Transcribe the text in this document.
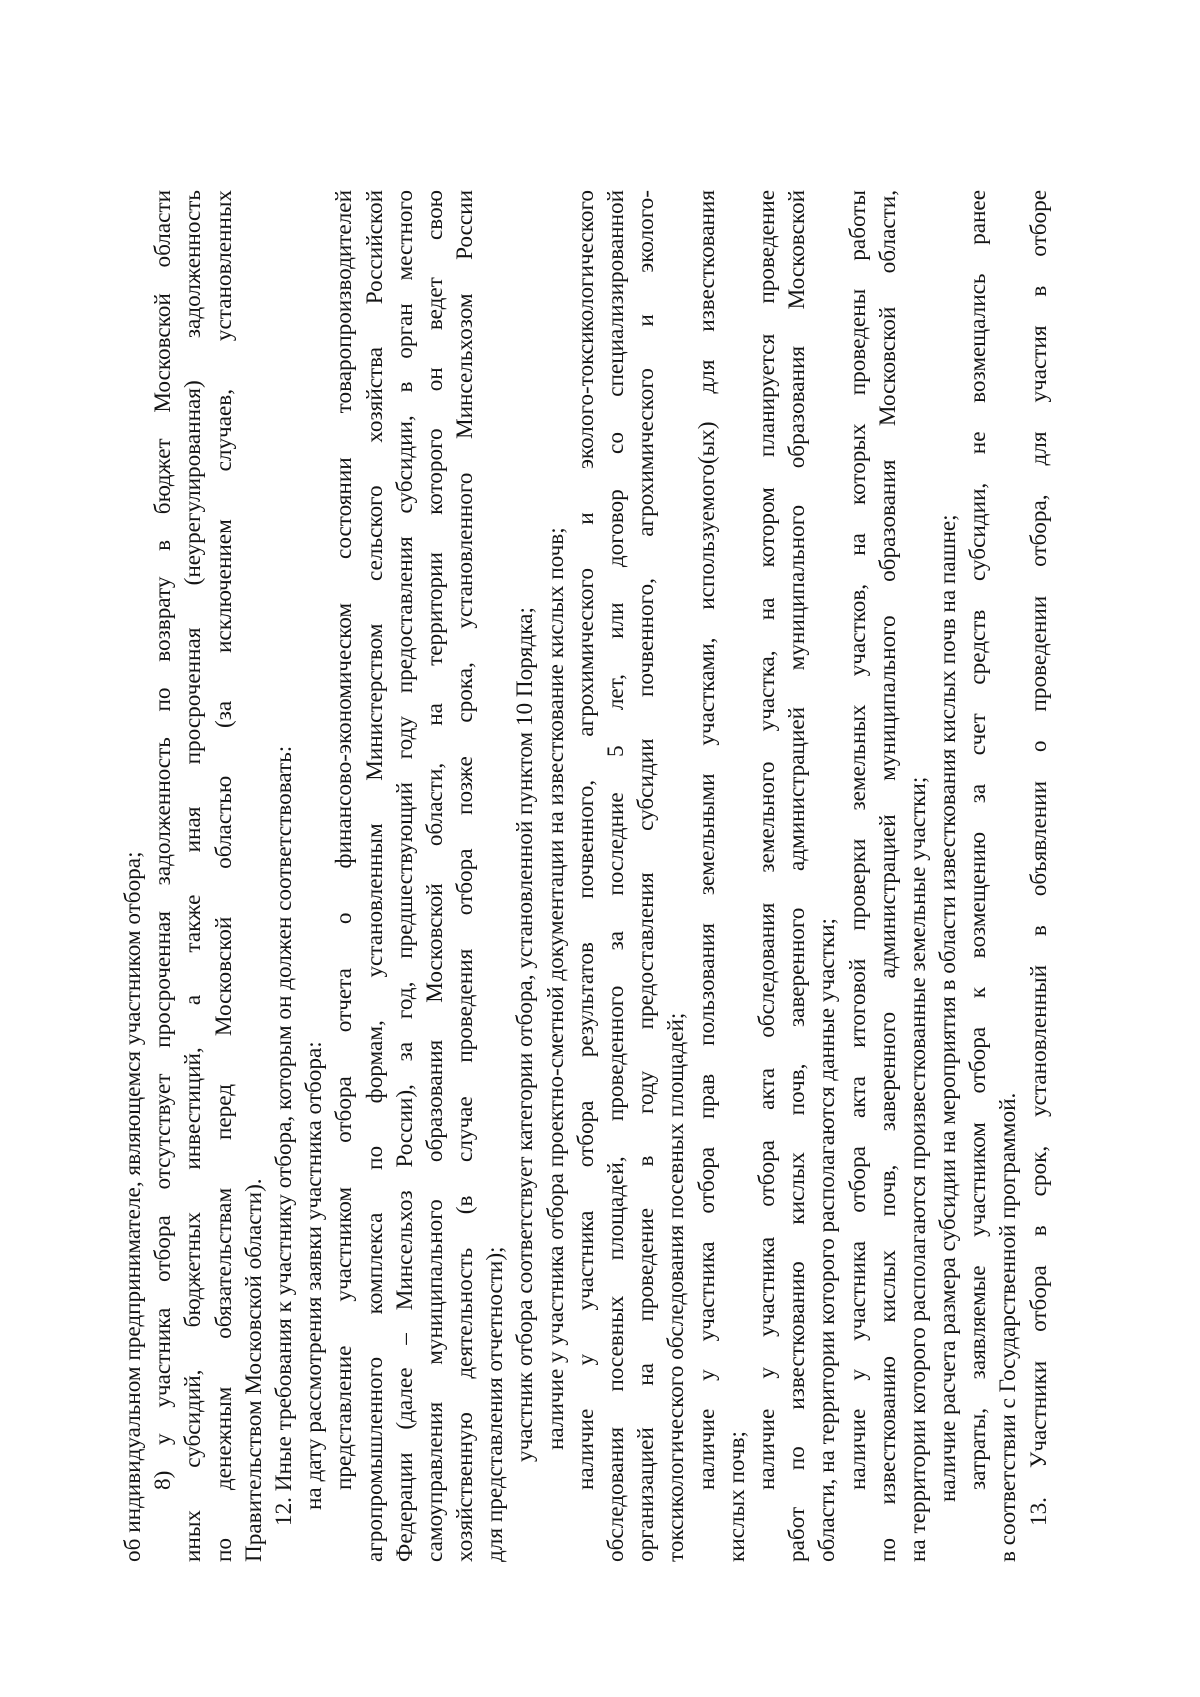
об индивидуальном предпринимателе, являющемся участником отбора; 8) у участника отбора отсутствует просроченная задолженность по возврату в бюджет Московской области иных субсидий, бюджетных инвестиций, а также иная просроченная (неурегулированная) задолженность по денежным обязательствам перед Московской областью (за исключением случаев, установленных Правительством Московской области). 12. Иные требования к участнику отбора, которым он должен соответствовать: на дату рассмотрения заявки участника отбора: представление участником отбора отчета о финансово-экономическом состоянии товаропроизводителей агропромышленного комплекса по формам, установленным Министерством сельского хозяйства Российской Федерации (далее – Минсельхоз России), за год, предшествующий году предоставления субсидии, в орган местного самоуправления муниципального образования Московской области, на территории которого он ведет свою хозяйственную деятельность (в случае проведения отбора позже срока, установленного Минсельхозом России для представления отчетности); участник отбора соответствует категории отбора, установленной пунктом 10 Порядка; наличие у участника отбора проектно-сметной документации на известкование кислых почв; наличие у участника отбора результатов почвенного, агрохимического и эколого-токсикологического обследования посевных площадей, проведенного за последние 5 лет, или договор со специализированной организацией на проведение в году предоставления субсидии почвенного, агрохимического и эколого- токсикологического обследования посевных площадей; наличие у участника отбора прав пользования земельными участками, используемого(ых) для известкования
кислых почв;
наличие у участника отбора акта обследования земельного участка, на котором планируется проведение работ по известкованию кислых почв, заверенного администрацией муниципального образования Московской области, на территории которого располагаются данные участки; наличие у участника отбора акта итоговой проверки земельных участков, на которых проведены работы по известкованию кислых почв, заверенного администрацией муниципального образования Московской области, на территории которого располагаются произвесткованные земельные участки; наличие расчета размера субсидии на мероприятия в области известкования кислых почв на пашне; затраты, заявляемые участником отбора к возмещению за счет средств субсидии, не возмещались ранее в соответствии с Государственной программой. 13. Участники отбора в срок, установленный в объявлении о проведении отбора, для участия в отборе
